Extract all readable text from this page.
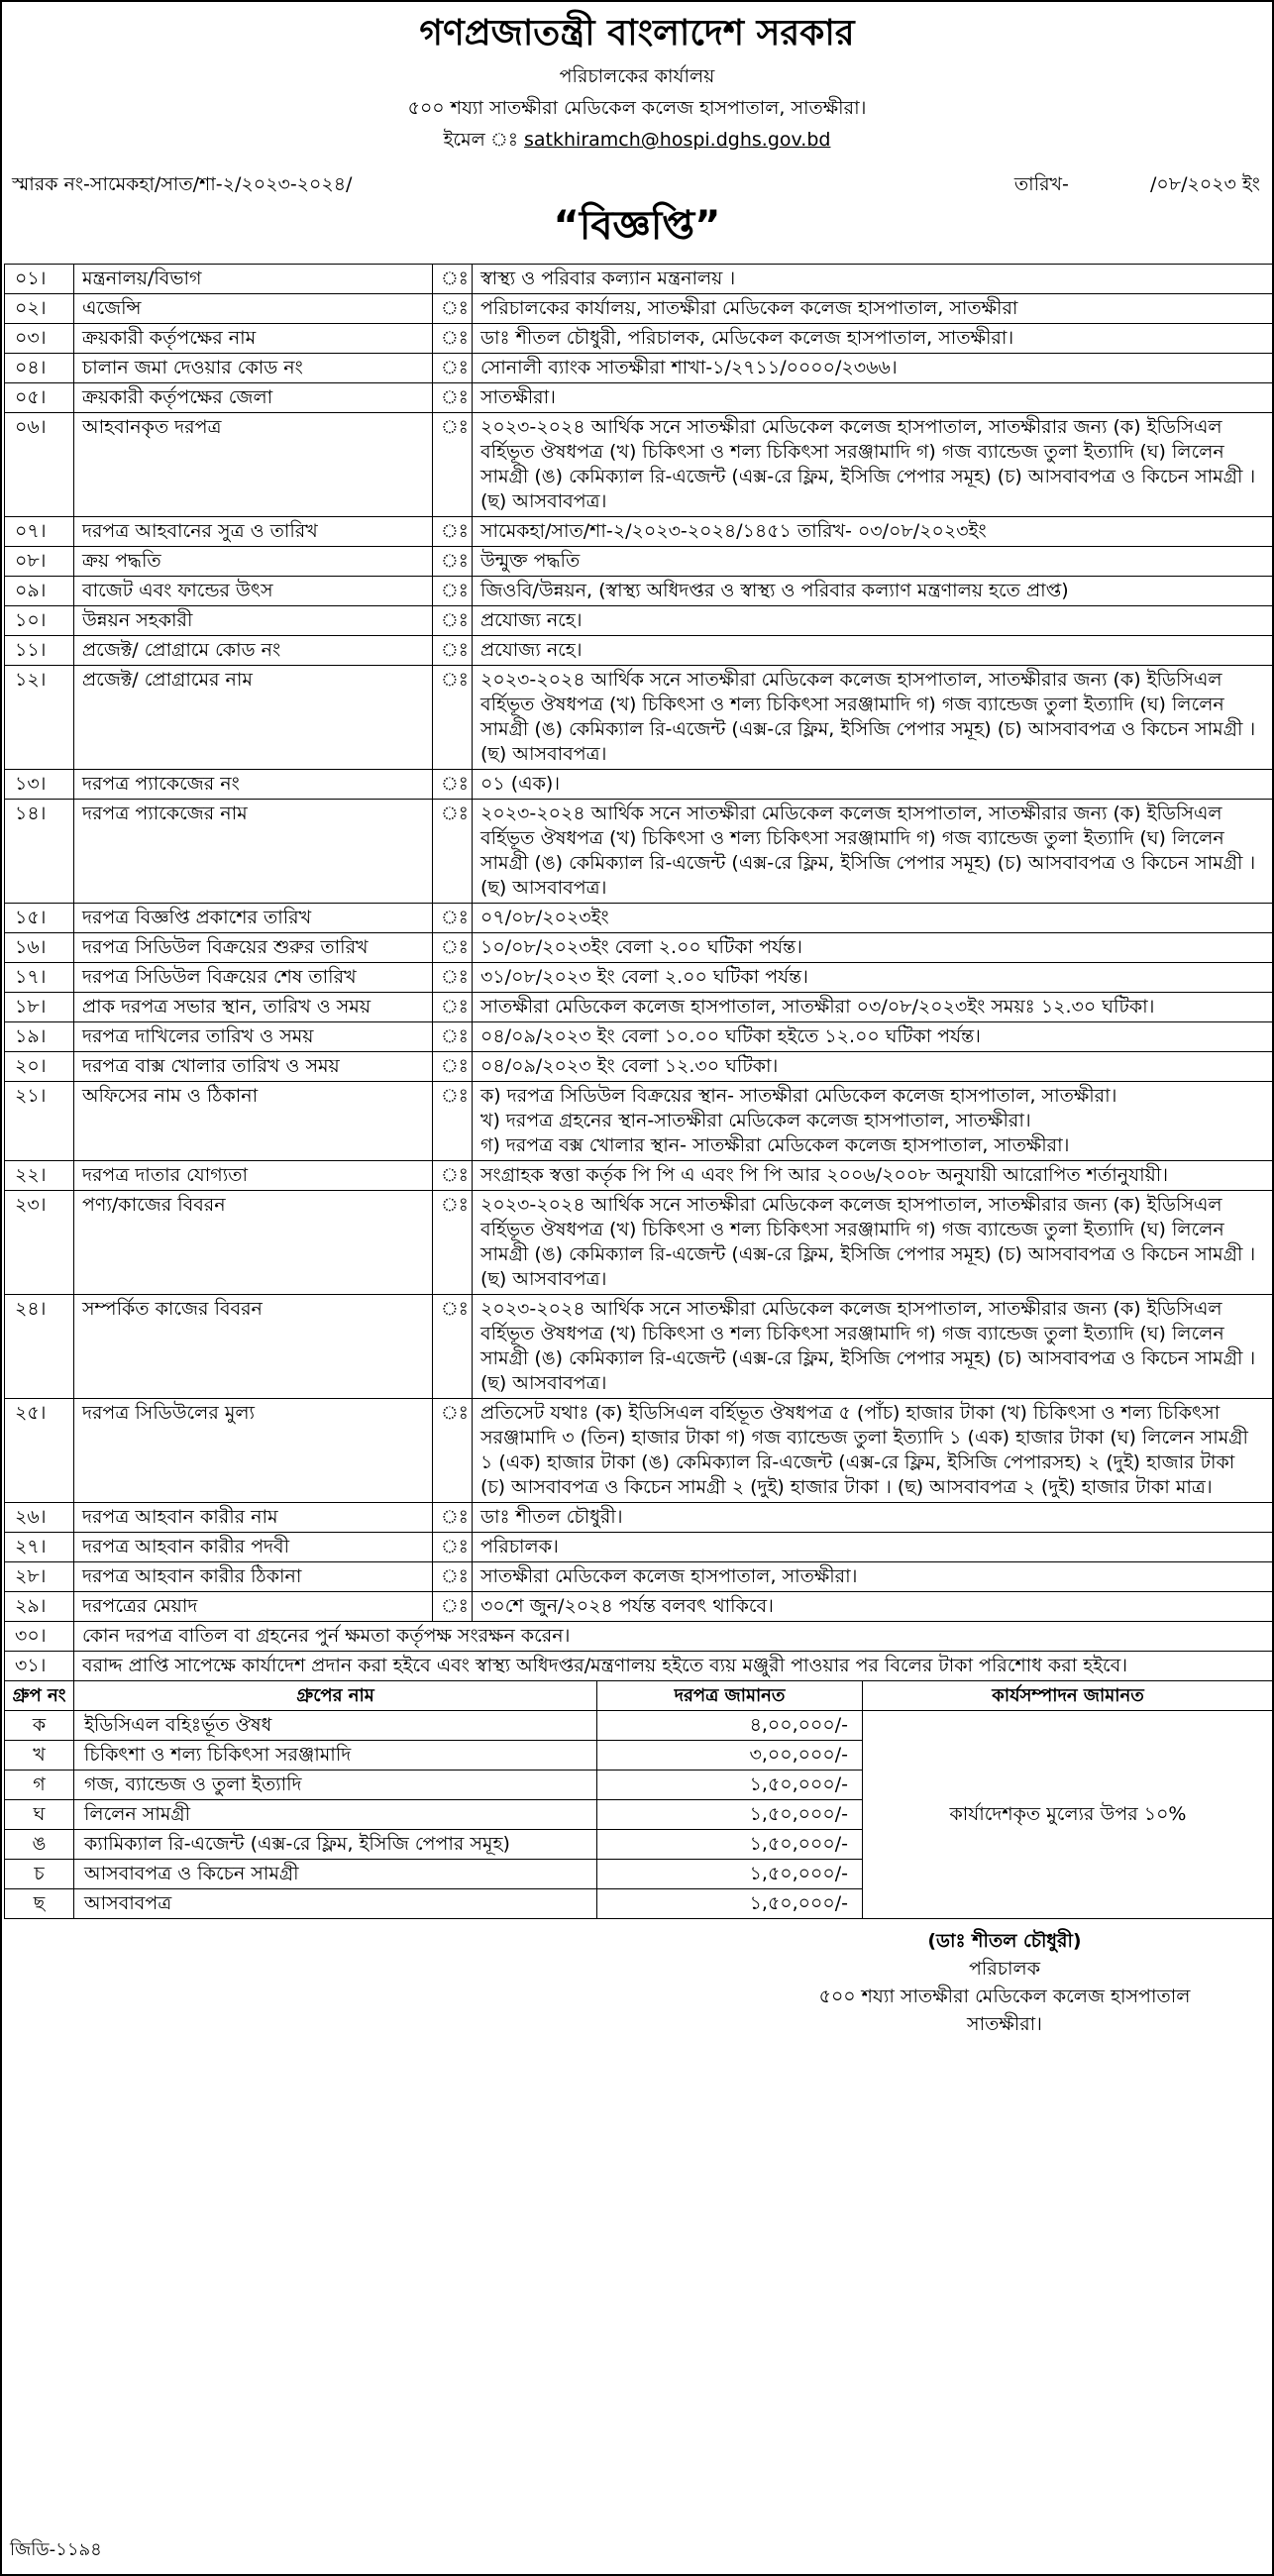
গণপ্রজাতন্ত্রী বাংলাদেশ সরকার
পরিচালকের কার্যালয়
৫০০ শয্যা সাতক্ষীরা মেডিকেল কলেজ হাসপাতাল, সাতক্ষীরা।
ইমেল ঃ satkhiramch@hospi.dghs.gov.bd
স্মারক নং-সামেকহা/সাত/শা-২/২০২৩-২০২৪/	তারিখ-	/০৮/২০২৩ ইং
“বিজ্ঞপ্তি”
০১।	মন্ত্রনালয়/বিভাগ	ঃ	স্বাস্থ্য ও পরিবার কল্যান মন্ত্রনালয় ।
০২।	এজেন্সি	ঃ	পরিচালকের কার্যালয়, সাতক্ষীরা মেডিকেল কলেজ হাসপাতাল, সাতক্ষীরা
০৩।	ক্রয়কারী কর্তৃপক্ষের নাম	ঃ	ডাঃ শীতল চৌধুরী, পরিচালক, মেডিকেল কলেজ হাসপাতাল, সাতক্ষীরা।
০৪।	চালান জমা দেওয়ার কোড নং	ঃ	সোনালী ব্যাংক সাতক্ষীরা শাখা-১/২৭১১/০০০০/২৩৬৬।
০৫।	ক্রয়কারী কর্তৃপক্ষের জেলা	ঃ	সাতক্ষীরা।
০৬।	আহবানকৃত দরপত্র	ঃ	২০২৩-২০২৪ আর্থিক সনে সাতক্ষীরা মেডিকেল কলেজ হাসপাতাল, সাতক্ষীরার জন্য (ক) ইডিসিএল বর্হিভূত ঔষধপত্র (খ) চিকিৎসা ও শল্য চিকিৎসা সরঞ্জামাদি গ) গজ ব্যান্ডেজ তুলা ইত্যাদি (ঘ) লিলেন সামগ্রী (ঙ) কেমিক্যাল রি-এজেন্ট (এক্স-রে ফ্লিম, ইসিজি পেপার সমূহ) (চ) আসবাবপত্র ও কিচেন সামগ্রী । (ছ) আসবাবপত্র।
০৭।	দরপত্র আহবানের সুত্র ও তারিখ	ঃ	সামেকহা/সাত/শা-২/২০২৩-২০২৪/১৪৫১ তারিখ- ০৩/০৮/২০২৩ইং
০৮।	ক্রয় পদ্ধতি	ঃ	উন্মুক্ত পদ্ধতি
০৯।	বাজেট এবং ফান্ডের উৎস	ঃ	জিওবি/উন্নয়ন, (স্বাস্থ্য অধিদপ্তর ও স্বাস্থ্য ও পরিবার কল্যাণ মন্ত্রণালয় হতে প্রাপ্ত)
১০।	উন্নয়ন সহকারী	ঃ	প্রযোজ্য নহে।
১১।	প্রজেক্ট/ প্রোগ্রামে কোড নং	ঃ	প্রযোজ্য নহে।
১২।	প্রজেক্ট/ প্রোগ্রামের নাম	ঃ	২০২৩-২০২৪ আর্থিক সনে সাতক্ষীরা মেডিকেল কলেজ হাসপাতাল, সাতক্ষীরার জন্য (ক) ইডিসিএল বর্হিভূত ঔষধপত্র (খ) চিকিৎসা ও শল্য চিকিৎসা সরঞ্জামাদি গ) গজ ব্যান্ডেজ তুলা ইত্যাদি (ঘ) লিলেন সামগ্রী (ঙ) কেমিক্যাল রি-এজেন্ট (এক্স-রে ফ্লিম, ইসিজি পেপার সমূহ) (চ) আসবাবপত্র ও কিচেন সামগ্রী । (ছ) আসবাবপত্র।
১৩।	দরপত্র প্যাকেজের নং	ঃ	০১ (এক)।
১৪।	দরপত্র প্যাকেজের নাম	ঃ	২০২৩-২০২৪ আর্থিক সনে সাতক্ষীরা মেডিকেল কলেজ হাসপাতাল, সাতক্ষীরার জন্য (ক) ইডিসিএল বর্হিভূত ঔষধপত্র (খ) চিকিৎসা ও শল্য চিকিৎসা সরঞ্জামাদি গ) গজ ব্যান্ডেজ তুলা ইত্যাদি (ঘ) লিলেন সামগ্রী (ঙ) কেমিক্যাল রি-এজেন্ট (এক্স-রে ফ্লিম, ইসিজি পেপার সমূহ) (চ) আসবাবপত্র ও কিচেন সামগ্রী । (ছ) আসবাবপত্র।
১৫।	দরপত্র বিজ্ঞপ্তি প্রকাশের তারিখ	ঃ	০৭/০৮/২০২৩ইং
১৬।	দরপত্র সিডিউল বিক্রয়ের শুরুর তারিখ	ঃ	১০/০৮/২০২৩ইং বেলা ২.০০ ঘটিকা পর্যন্ত।
১৭।	দরপত্র সিডিউল বিক্রয়ের শেষ তারিখ	ঃ	৩১/০৮/২০২৩ ইং বেলা ২.০০ ঘটিকা পর্যন্ত।
১৮।	প্রাক দরপত্র সভার স্থান, তারিখ ও সময়	ঃ	সাতক্ষীরা মেডিকেল কলেজ হাসপাতাল, সাতক্ষীরা ০৩/০৮/২০২৩ইং সময়ঃ ১২.৩০ ঘটিকা।
১৯।	দরপত্র দাখিলের তারিখ ও সময়	ঃ	০৪/০৯/২০২৩ ইং বেলা ১০.০০ ঘটিকা হইতে ১২.০০ ঘটিকা পর্যন্ত।
২০।	দরপত্র বাক্স খোলার তারিখ ও সময়	ঃ	০৪/০৯/২০২৩ ইং বেলা ১২.৩০ ঘটিকা।
২১।	অফিসের নাম ও ঠিকানা	ঃ	ক) দরপত্র সিডিউল বিক্রয়ের স্থান- সাতক্ষীরা মেডিকেল কলেজ হাসপাতাল, সাতক্ষীরা।
খ) দরপত্র গ্রহনের স্থান-সাতক্ষীরা মেডিকেল কলেজ হাসপাতাল, সাতক্ষীরা।
গ) দরপত্র বক্স খোলার স্থান- সাতক্ষীরা মেডিকেল কলেজ হাসপাতাল, সাতক্ষীরা।

২২।	দরপত্র দাতার যোগ্যতা	ঃ	সংগ্রাহক স্বত্তা কর্তৃক পি পি এ এবং পি পি আর ২০০৬/২০০৮ অনুযায়ী আরোপিত শর্তানুযায়ী।
২৩।	পণ্য/কাজের বিবরন	ঃ	২০২৩-২০২৪ আর্থিক সনে সাতক্ষীরা মেডিকেল কলেজ হাসপাতাল, সাতক্ষীরার জন্য (ক) ইডিসিএল বর্হিভূত ঔষধপত্র (খ) চিকিৎসা ও শল্য চিকিৎসা সরঞ্জামাদি গ) গজ ব্যান্ডেজ তুলা ইত্যাদি (ঘ) লিলেন সামগ্রী (ঙ) কেমিক্যাল রি-এজেন্ট (এক্স-রে ফ্লিম, ইসিজি পেপার সমূহ) (চ) আসবাবপত্র ও কিচেন সামগ্রী । (ছ) আসবাবপত্র।
২৪।	সম্পর্কিত কাজের বিবরন	ঃ	২০২৩-২০২৪ আর্থিক সনে সাতক্ষীরা মেডিকেল কলেজ হাসপাতাল, সাতক্ষীরার জন্য (ক) ইডিসিএল বর্হিভূত ঔষধপত্র (খ) চিকিৎসা ও শল্য চিকিৎসা সরঞ্জামাদি গ) গজ ব্যান্ডেজ তুলা ইত্যাদি (ঘ) লিলেন সামগ্রী (ঙ) কেমিক্যাল রি-এজেন্ট (এক্স-রে ফ্লিম, ইসিজি পেপার সমূহ) (চ) আসবাবপত্র ও কিচেন সামগ্রী । (ছ) আসবাবপত্র।
২৫।	দরপত্র সিডিউলের মুল্য	ঃ	প্রতিসেট যথাঃ (ক) ইডিসিএল বর্হিভূত ঔষধপত্র ৫ (পাঁচ) হাজার টাকা (খ) চিকিৎসা ও শল্য চিকিৎসা সরঞ্জামাদি ৩ (তিন) হাজার টাকা গ) গজ ব্যান্ডেজ তুলা ইত্যাদি ১ (এক) হাজার টাকা (ঘ) লিলেন সামগ্রী ১ (এক) হাজার টাকা (ঙ) কেমিক্যাল রি-এজেন্ট (এক্স-রে ফ্লিম, ইসিজি পেপারসহ) ২ (দুই) হাজার টাকা (চ) আসবাবপত্র ও কিচেন সামগ্রী ২ (দুই) হাজার টাকা । (ছ) আসবাবপত্র ২ (দুই) হাজার টাকা মাত্র।
২৬।	দরপত্র আহবান কারীর নাম	ঃ	ডাঃ শীতল চৌধুরী।
২৭।	দরপত্র আহবান কারীর পদবী	ঃ	পরিচালক।
২৮।	দরপত্র আহবান কারীর ঠিকানা	ঃ	সাতক্ষীরা মেডিকেল কলেজ হাসপাতাল, সাতক্ষীরা।
২৯।	দরপত্রের মেয়াদ	ঃ	৩০শে জুন/২০২৪ পর্যন্ত বলবৎ থাকিবে।
৩০।	কোন দরপত্র বাতিল বা গ্রহনের পুর্ন ক্ষমতা কর্তৃপক্ষ সংরক্ষন করেন।		
৩১।	বরাদ্দ প্রাপ্তি সাপেক্ষে কার্যাদেশ প্রদান করা হইবে এবং স্বাস্থ্য অধিদপ্তর/মন্ত্রণালয় হইতে ব্যয় মঞ্জুরী পাওয়ার পর বিলের টাকা পরিশোধ করা হইবে।		
গ্রুপ নং	গ্রুপের নাম	দরপত্র জামানত	কার্যসম্পাদন জামানত
ক	ইডিসিএল বহিঃর্ভূত ঔষধ	৪,০০,০০০/-	কার্যাদেশকৃত মুল্যের উপর ১০%
খ	চিকিৎশা ও শল্য চিকিৎসা সরঞ্জামাদি	৩,০০,০০০/-	
গ	গজ, ব্যান্ডেজ ও তুলা ইত্যাদি	১,৫০,০০০/-	
ঘ	লিলেন সামগ্রী	১,৫০,০০০/-	
ঙ	ক্যামিক্যাল রি-এজেন্ট (এক্স-রে ফ্লিম, ইসিজি পেপার সমূহ)	১,৫০,০০০/-	
চ	আসবাবপত্র ও কিচেন সামগ্রী	১,৫০,০০০/-	
ছ	আসবাবপত্র	১,৫০,০০০/-	
(ডাঃ শীতল চৌধুরী)
পরিচালক
৫০০ শয্যা সাতক্ষীরা মেডিকেল কলেজ হাসপাতাল
সাতক্ষীরা।
জিডি-১১৯৪
